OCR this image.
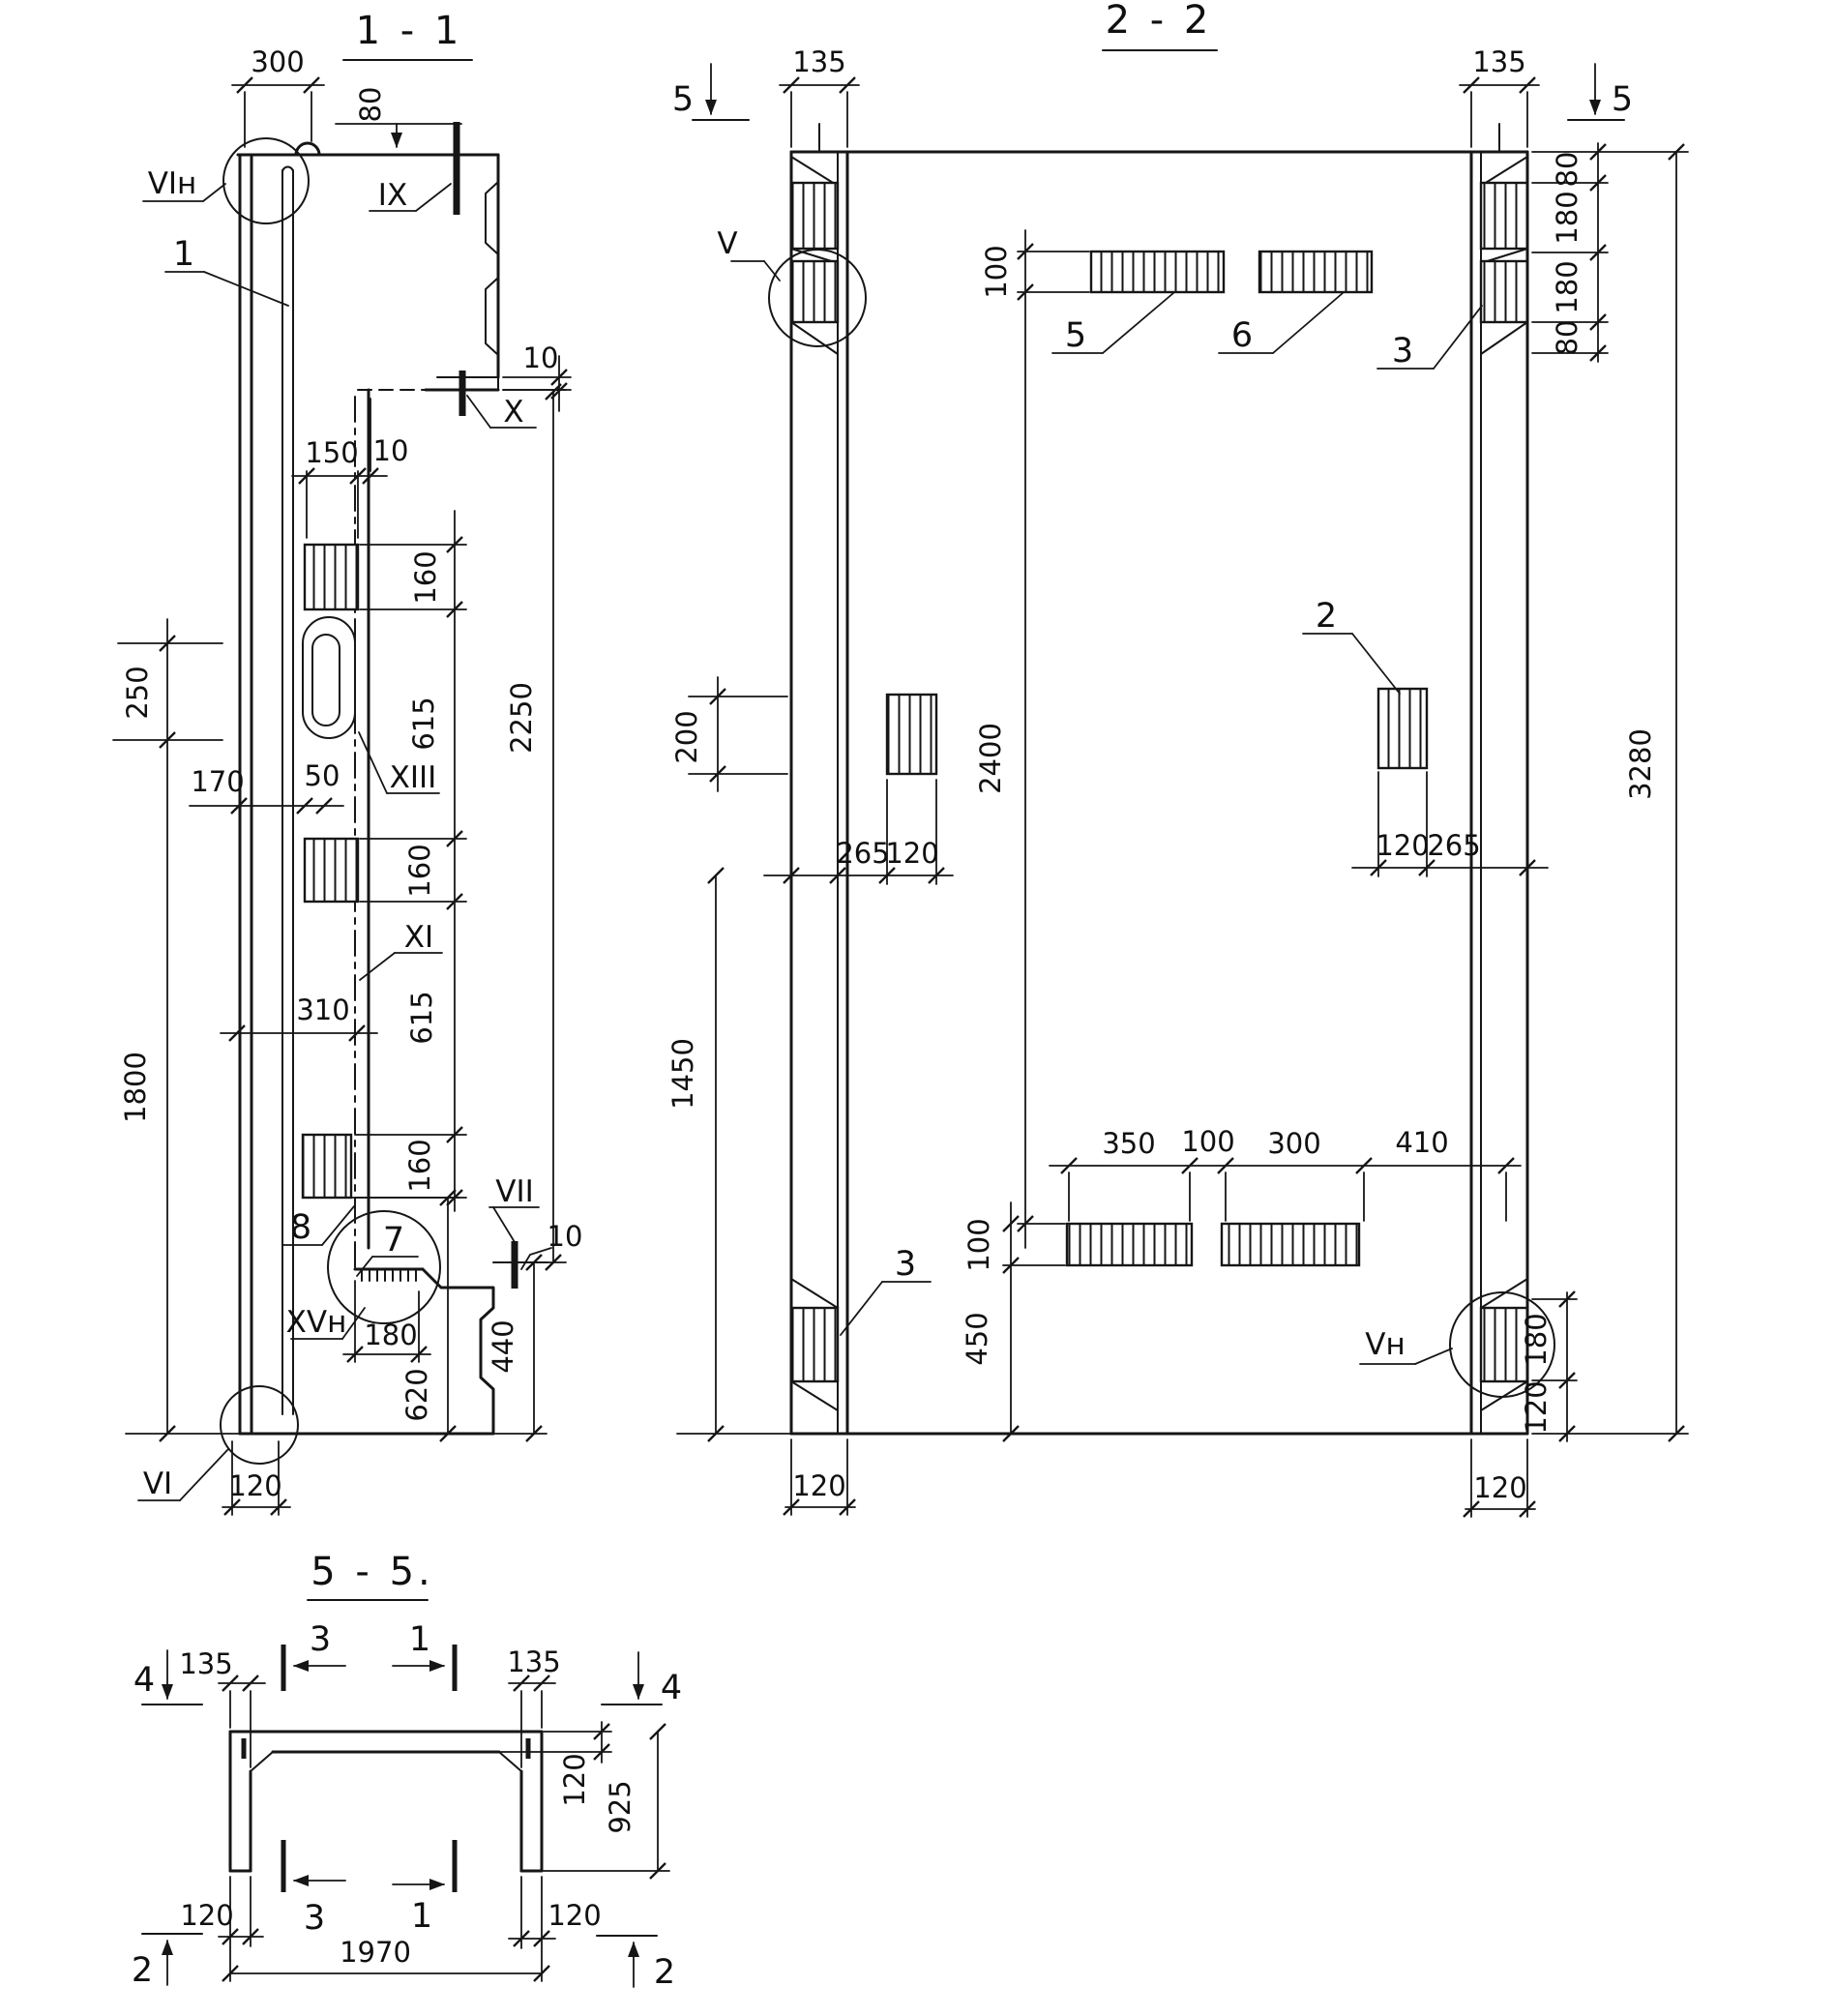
1 - 1
VIн
1
IX
X
XIII
XI
8 7
VII
XVн
VI
300
80
10
150 10
160
615
160
615
160
2250
250
1800
170 50
310
180
620
440
10
120
2 - 2
5	6	3
2
3
V
Vн
5	5
135	135
80
180
180
80
3280
100
2400
200
265
120	120
265
1450
350 100 300	410
100
450	180
120
120	120
5 - 5.
3 1
3	1
4	4
2	2
135	135
120
925
120	120
1970
